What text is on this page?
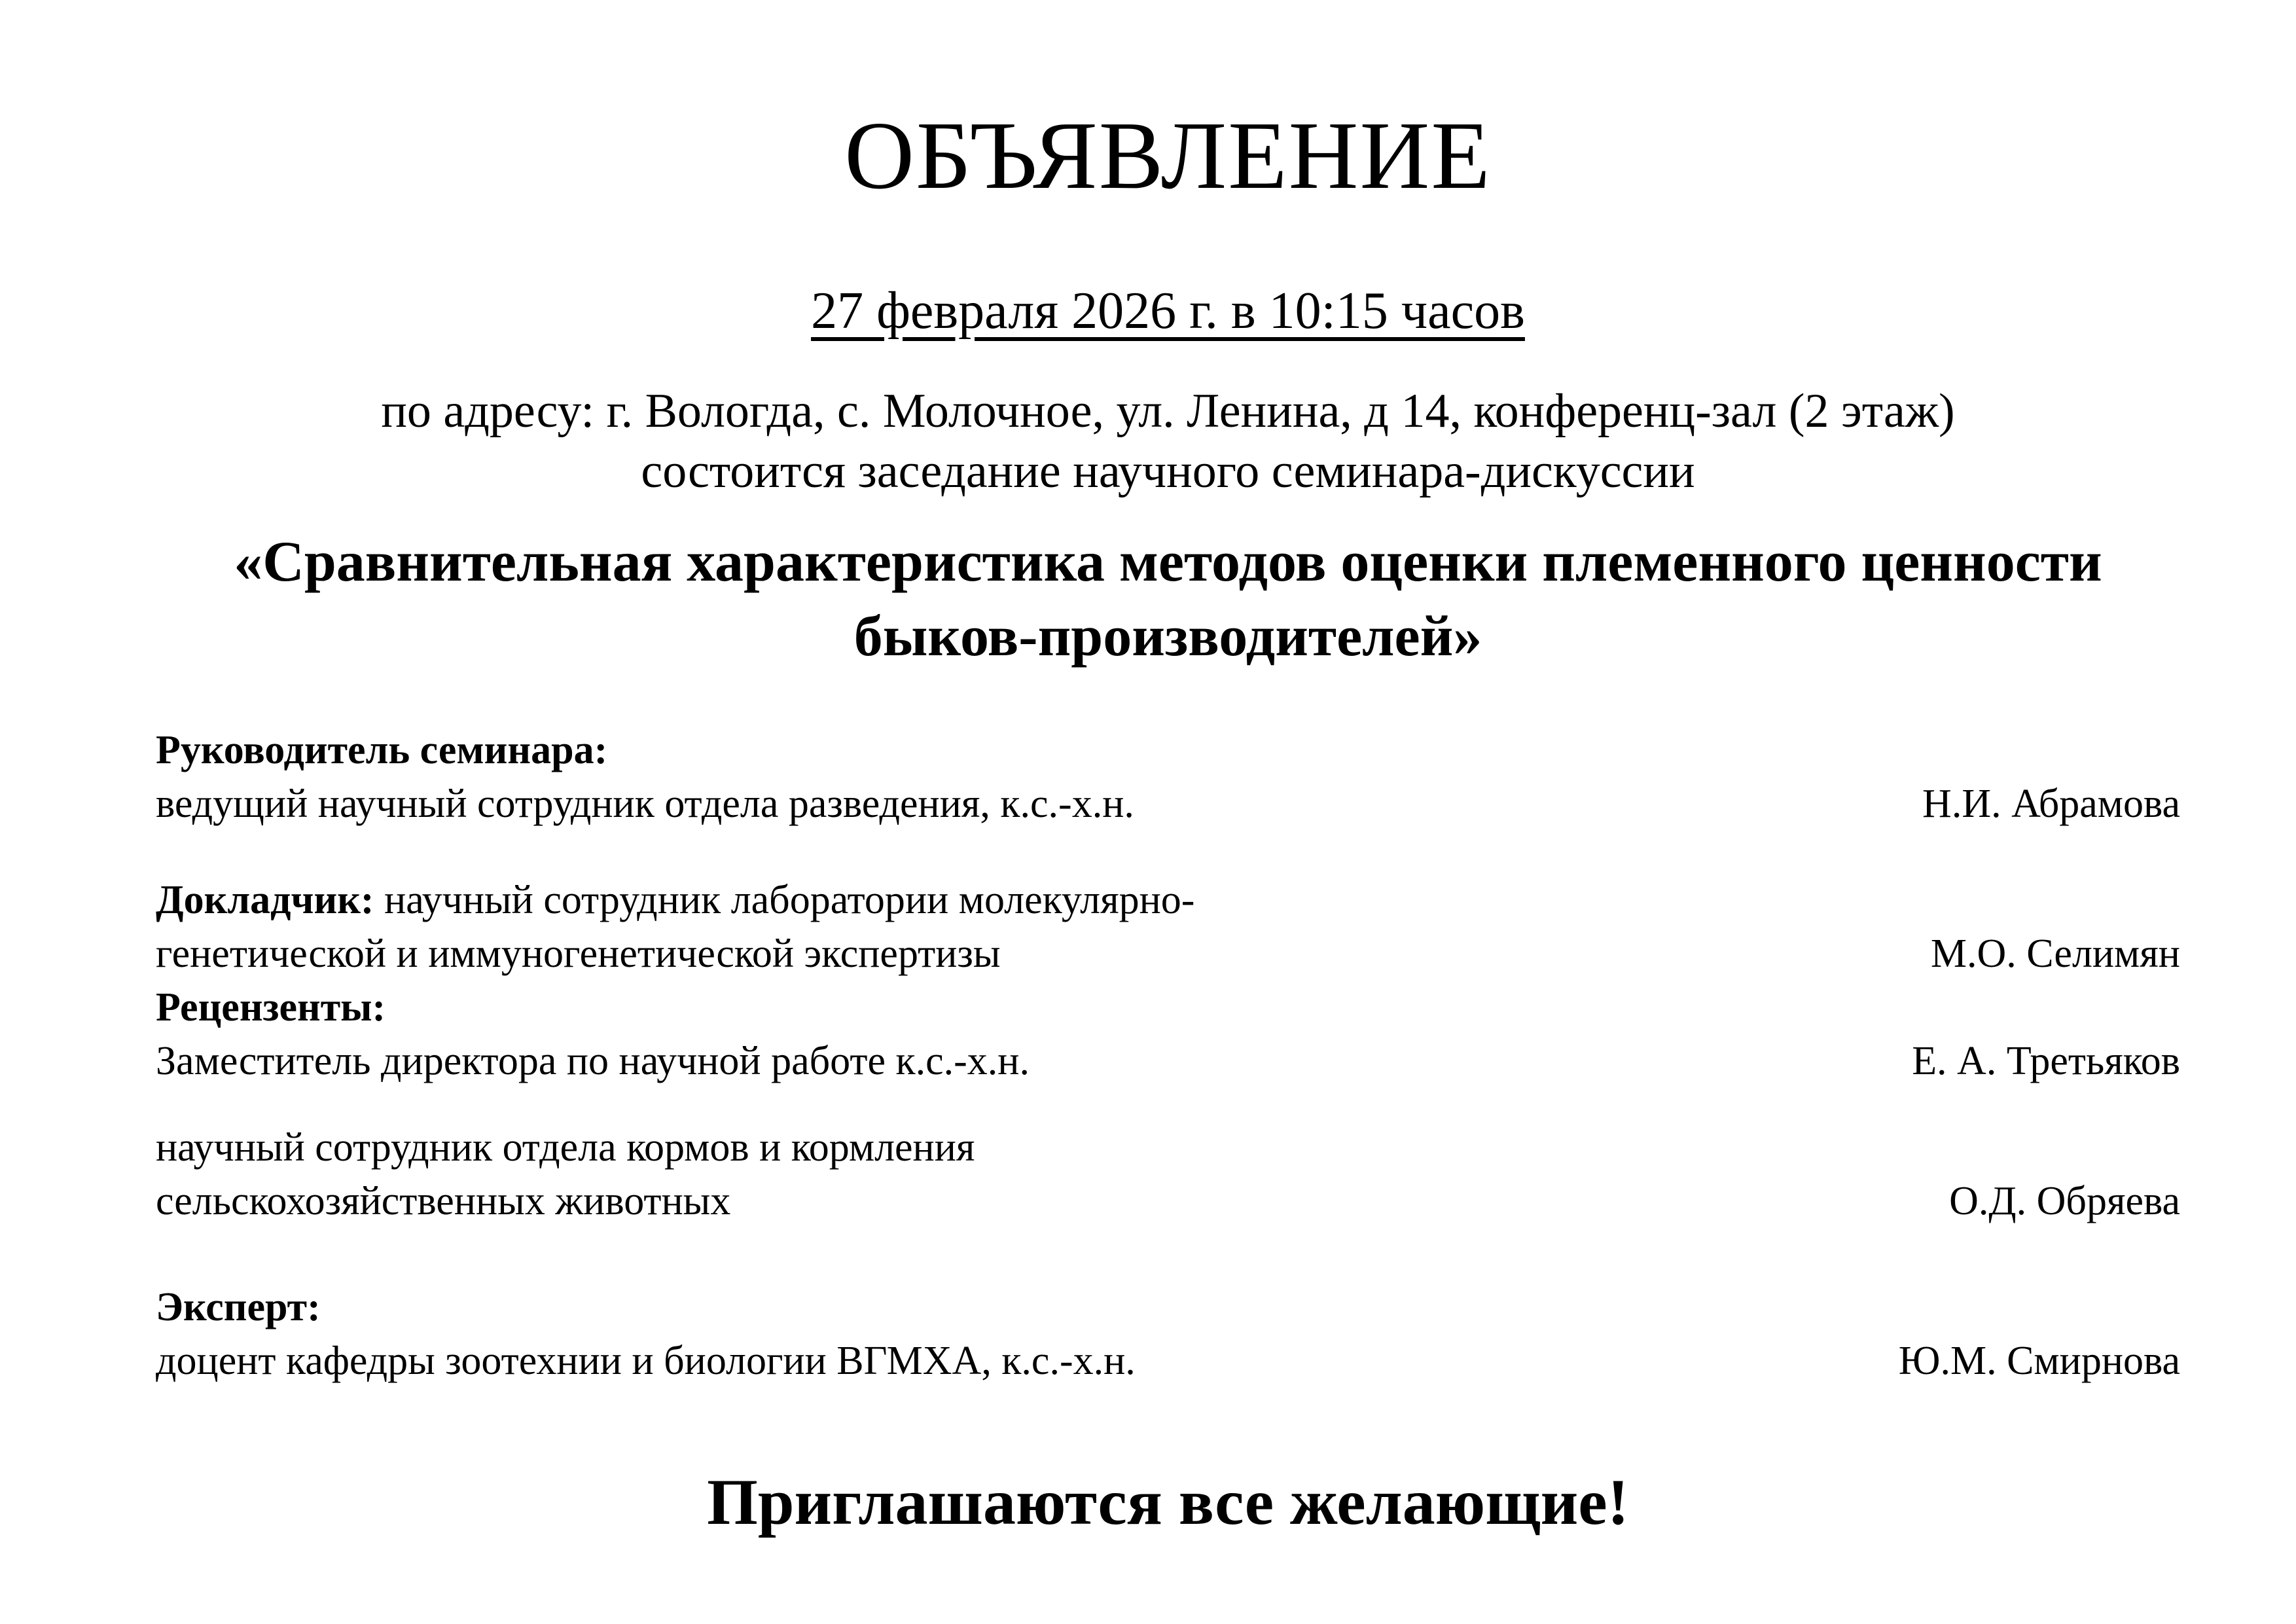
ОБЪЯВЛЕНИЕ
27 февраля 2026 г. в 10:15 часов
по адресу: г. Вологда, с. Молочное, ул. Ленина, д 14, конференц-зал (2 этаж)
состоится заседание научного семинара-дискуссии
«Сравнительная характеристика методов оценки племенного ценности
быков-производителей»
Руководитель семинара:
ведущий научный сотрудник отдела разведения, к.с.-х.н.	Н.И. Абрамова
Докладчик: научный сотрудник лаборатории молекулярно-
генетической и иммуногенетической экспертизы	М.О. Селимян
Рецензенты:
Заместитель директора по научной работе к.с.-х.н.	Е. А. Третьяков
научный сотрудник отдела кормов и кормления
сельскохозяйственных животных	О.Д. Обряева
Эксперт:
доцент кафедры зоотехнии и биологии ВГМХА, к.с.-х.н.	Ю.М. Смирнова
Приглашаются все желающие!
